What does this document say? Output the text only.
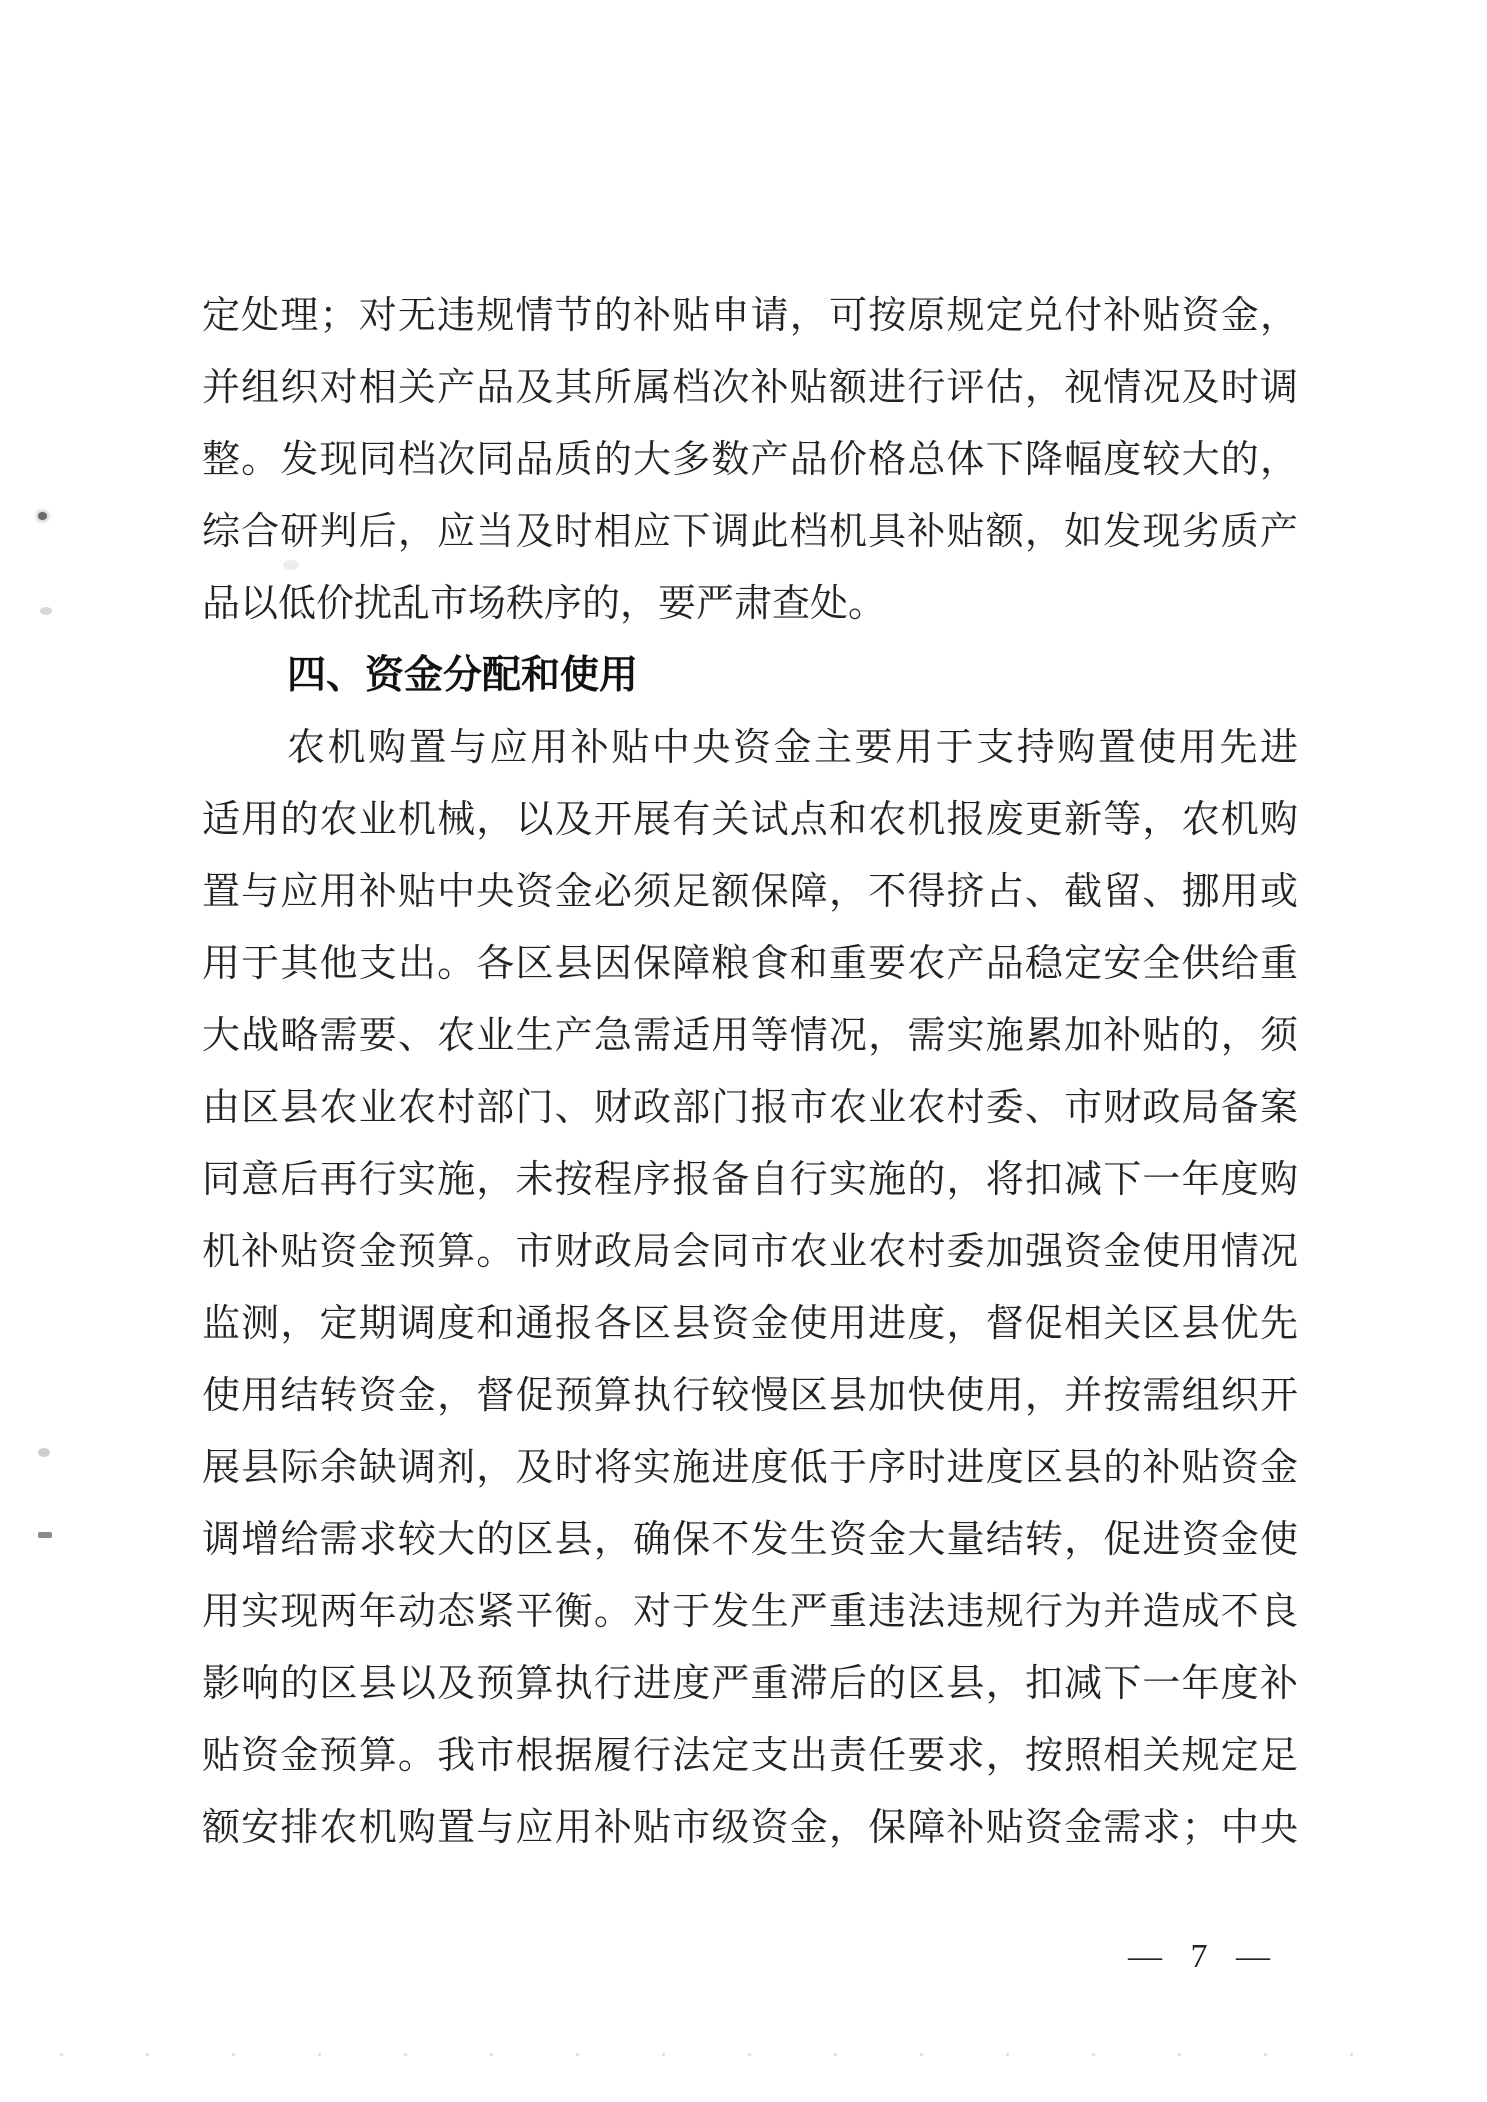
定处理；对无违规情节的补贴申请，可按原规定兑付补贴资金，
并组织对相关产品及其所属档次补贴额进行评估，视情况及时调
整。发现同档次同品质的大多数产品价格总体下降幅度较大的，
综合研判后，应当及时相应下调此档机具补贴额，如发现劣质产
品以低价扰乱市场秩序的，要严肃查处。
四、资金分配和使用
农机购置与应用补贴中央资金主要用于支持购置使用先进
适用的农业机械，以及开展有关试点和农机报废更新等，农机购
置与应用补贴中央资金必须足额保障，不得挤占、截留、挪用或
用于其他支出。各区县因保障粮食和重要农产品稳定安全供给重
大战略需要、农业生产急需适用等情况，需实施累加补贴的，须
由区县农业农村部门、财政部门报市农业农村委、市财政局备案
同意后再行实施，未按程序报备自行实施的，将扣减下一年度购
机补贴资金预算。市财政局会同市农业农村委加强资金使用情况
监测，定期调度和通报各区县资金使用进度，督促相关区县优先
使用结转资金，督促预算执行较慢区县加快使用，并按需组织开
展县际余缺调剂，及时将实施进度低于序时进度区县的补贴资金
调增给需求较大的区县，确保不发生资金大量结转，促进资金使
用实现两年动态紧平衡。对于发生严重违法违规行为并造成不良
影响的区县以及预算执行进度严重滞后的区县，扣减下一年度补
贴资金预算。我市根据履行法定支出责任要求，按照相关规定足
额安排农机购置与应用补贴市级资金，保障补贴资金需求；中央
— 7 —
